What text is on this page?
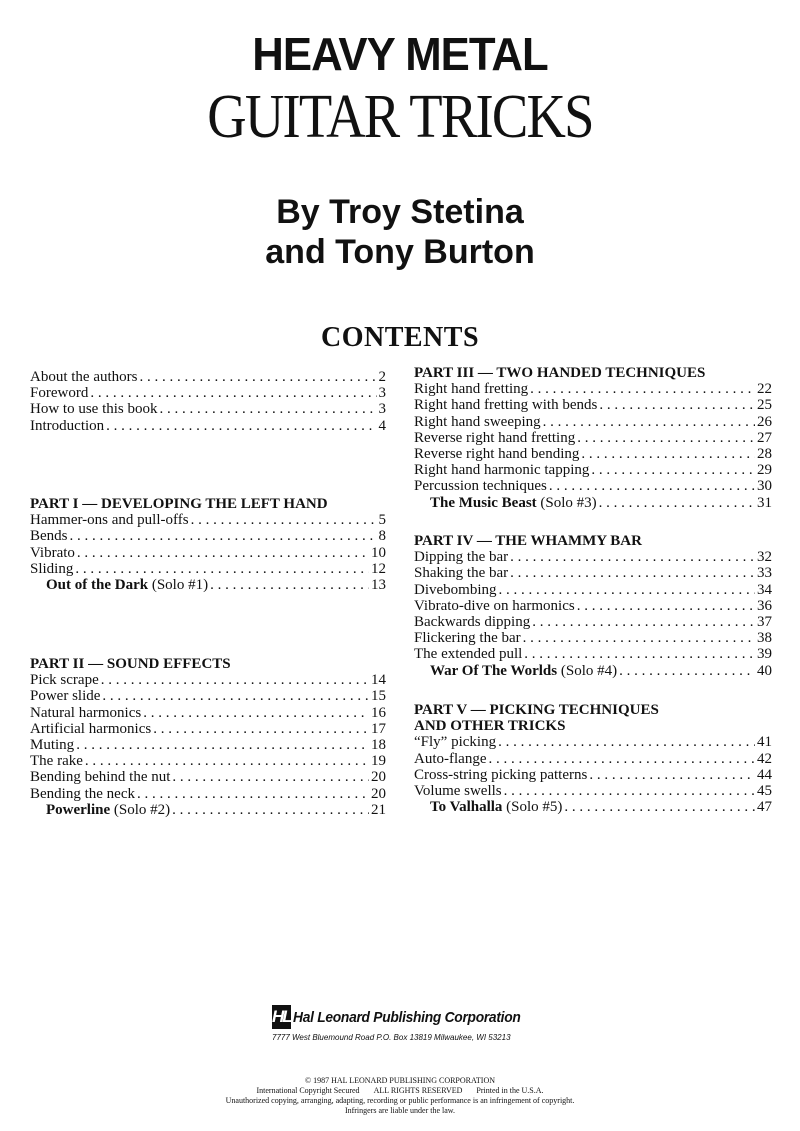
HEAVY METAL
GUITAR TRICKS
By Troy Stetina
and Tony Burton
CONTENTS
About the authors . . .	2
Foreword . . .	3
How to use this book . . .	3
Introduction . . .	4
PART I — DEVELOPING THE LEFT HAND
Hammer-ons and pull-offs . . .	5
Bends . . .	8
Vibrato . . .	10
Sliding . . .	12
Out of the Dark (Solo #1) . . .	13
PART II — SOUND EFFECTS
Pick scrape . . .	14
Power slide . . .	15
Natural harmonics . . .	16
Artificial harmonics . . .	17
Muting . . .	18
The rake . . .	19
Bending behind the nut . . .	20
Bending the neck . . .	20
Powerline (Solo #2) . . .	21
PART III — TWO HANDED TECHNIQUES
Right hand fretting . . .	22
Right hand fretting with bends . . .	25
Right hand sweeping . . .	26
Reverse right hand fretting . . .	27
Reverse right hand bending . . .	28
Right hand harmonic tapping . . .	29
Percussion techniques . . .	30
The Music Beast (Solo #3) . . .	31
PART IV — THE WHAMMY BAR
Dipping the bar . . .	32
Shaking the bar . . .	33
Divebombing . . .	34
Vibrato-dive on harmonics . . .	36
Backwards dipping . . .	37
Flickering the bar . . .	38
The extended pull . . .	39
War Of The Worlds (Solo #4) . . .	40
PART V — PICKING TECHNIQUES
AND OTHER TRICKS
“Fly” picking . . .	41
Auto-flange . . .	42
Cross-string picking patterns . . .	44
Volume swells . . .	45
To Valhalla (Solo #5) . . .	47
HL Hal Leonard Publishing Corporation
7777 West Bluemound Road P.O. Box 13819 Milwaukee, WI 53213
© 1987 HAL LEONARD PUBLISHING CORPORATION
International Copyright Secured ALL RIGHTS RESERVED Printed in the U.S.A.
Unauthorized copying, arranging, adapting, recording or public performance is an infringement of copyright.
Infringers are liable under the law.
